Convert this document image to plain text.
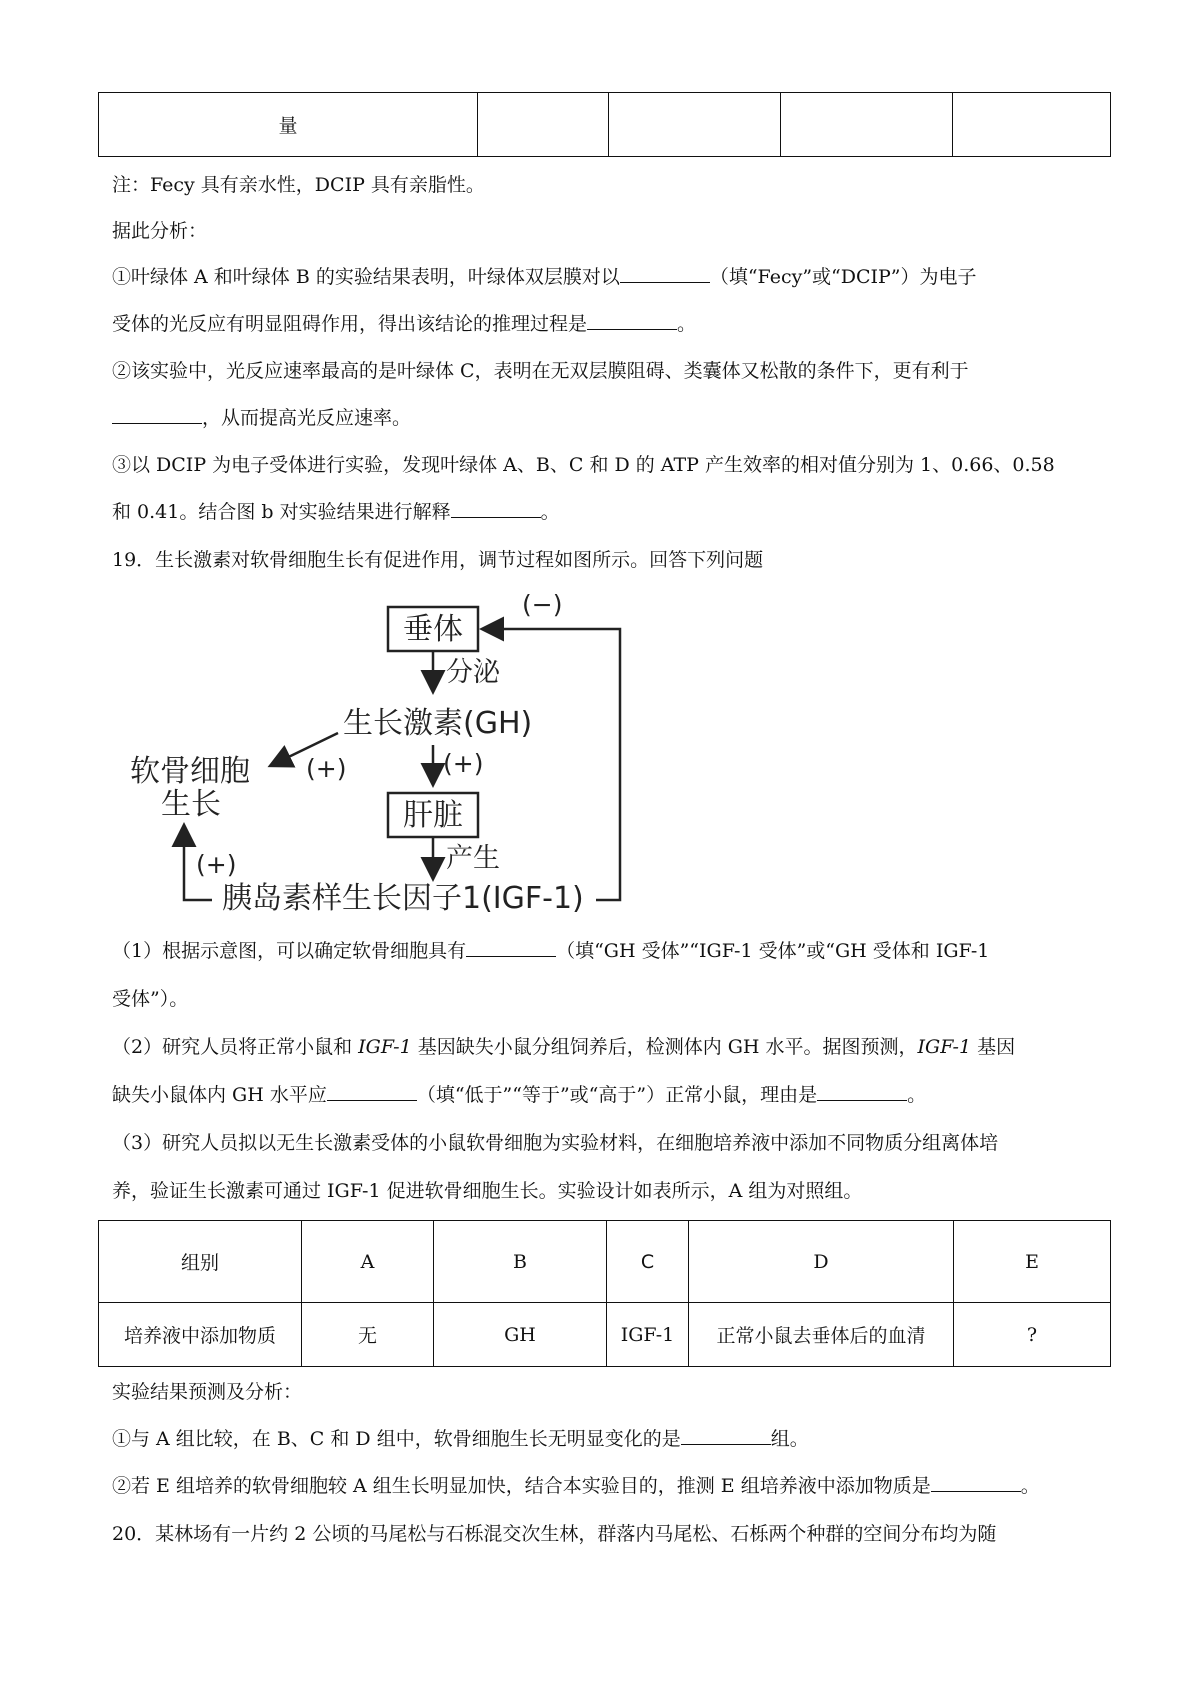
量				
注：Fecy 具有亲水性，DCIP 具有亲脂性。
据此分析：
①叶绿体 A 和叶绿体 B 的实验结果表明，叶绿体双层膜对以	（填“Fecy”或“DCIP”）为电子
受体的光反应有明显阻碍作用，得出该结论的推理过程是	。
②该实验中，光反应速率最高的是叶绿体 C，表明在无双层膜阻碍、类囊体又松散的条件下，更有利于
，从而提高光反应速率。
③以 DCIP 为电子受体进行实验，发现叶绿体 A、B、C 和 D 的 ATP 产生效率的相对值分别为 1、0.66、0.58
和 0.41。结合图 b 对实验结果进行解释	。
19．生长激素对软骨细胞生长有促进作用，调节过程如图所示。回答下列问题
垂体
分泌
生长激素(GH)
(+)
(+)
软骨细胞
生长	肝脏
产生
胰岛素样生长因子1(IGF-1)
(+)
(−)
（1）根据示意图，可以确定软骨细胞具有	（填“GH 受体”“IGF-1 受体”或“GH 受体和 IGF-1
受体”）。
（2）研究人员将正常小鼠和 IGF-1 基因缺失小鼠分组饲养后，检测体内 GH 水平。据图预测，IGF-1 基因
缺失小鼠体内 GH 水平应	（填“低于”“等于”或“高于”）正常小鼠，理由是	。
（3）研究人员拟以无生长激素受体的小鼠软骨细胞为实验材料，在细胞培养液中添加不同物质分组离体培
养，验证生长激素可通过 IGF-1 促进软骨细胞生长。实验设计如表所示，A 组为对照组。
组别	A	B	C	D	E
培养液中添加物质	无	GH	IGF-1	正常小鼠去垂体后的血清	?
实验结果预测及分析：
①与 A 组比较，在 B、C 和 D 组中，软骨细胞生长无明显变化的是	组。
②若 E 组培养的软骨细胞较 A 组生长明显加快，结合本实验目的，推测 E 组培养液中添加物质是	。
20．某林场有一片约 2 公顷的马尾松与石栎混交次生林，群落内马尾松、石栎两个种群的空间分布均为随
